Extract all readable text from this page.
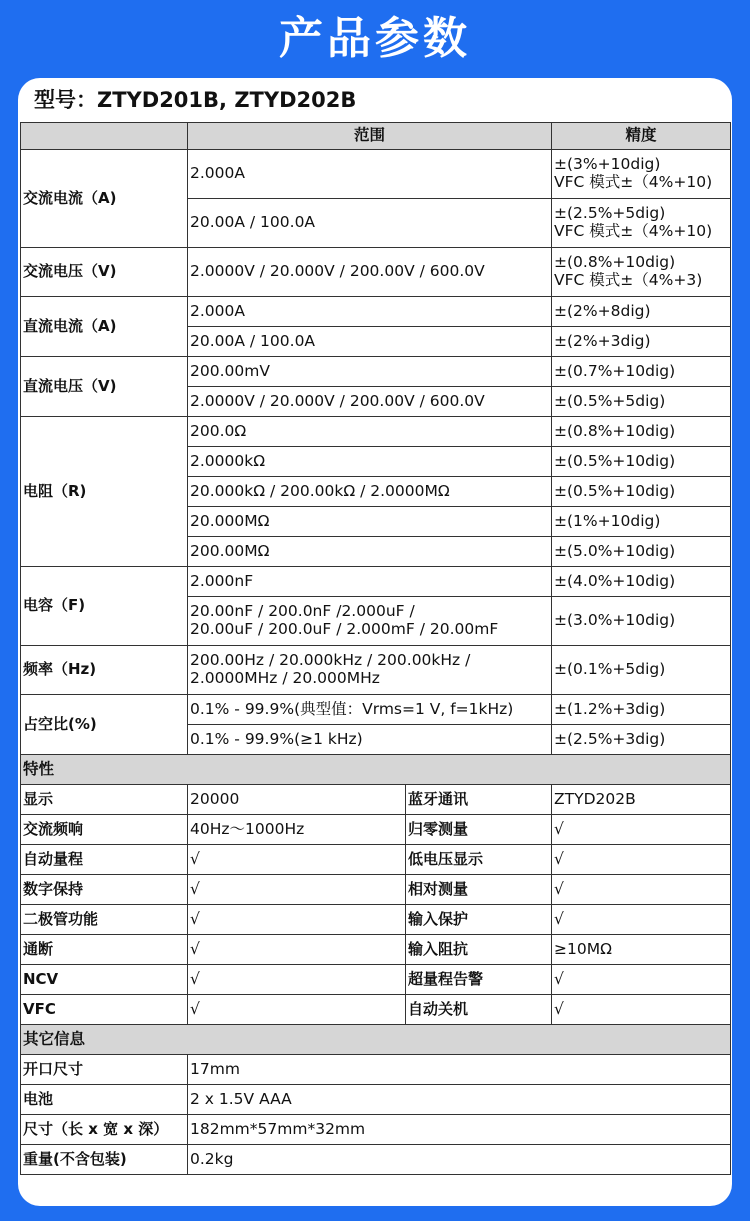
产品参数
型号：ZTYD201B, ZTYD202B
	范围		精度
交流电流（A)	2.000A		±(3%+10dig)
VFC 模式±（4%+10)

	20.00A / 100.0A		±(2.5%+5dig)
VFC 模式±（4%+10)

交流电压（V)	2.0000V / 20.000V / 200.00V / 600.0V		±(0.8%+10dig)
VFC 模式±（4%+3)

直流电流（A)	2.000A		±(2%+8dig)
	20.00A / 100.0A		±(2%+3dig)
直流电压（V)	200.00mV		±(0.7%+10dig)
	2.0000V / 20.000V / 200.00V / 600.0V		±(0.5%+5dig)
电阻（R)	200.0Ω		±(0.8%+10dig)
	2.0000kΩ		±(0.5%+10dig)
	20.000kΩ / 200.00kΩ / 2.0000MΩ		±(0.5%+10dig)
	20.000MΩ		±(1%+10dig)
	200.00MΩ		±(5.0%+10dig)
电容（F)	2.000nF		±(4.0%+10dig)

	20.00nF / 200.0nF /2.000uF /
20.00uF / 200.0uF / 2.000mF / 20.00mF		±(3.0%+10dig)
频率（Hz)	200.00Hz / 20.000kHz / 200.00kHz /
2.0000MHz / 20.000MHz		±(0.1%+5dig)
占空比(%)	0.1% - 99.9%(典型值：Vrms=1 V, f=1kHz)		±(1.2%+3dig)
	0.1% - 99.9%(≥1 kHz)		±(2.5%+3dig)
特性			
显示	20000	蓝牙通讯	ZTYD202B
交流频响	40Hz～1000Hz	归零测量	√
自动量程	√	低电压显示	√
数字保持	√	相对测量	√
二极管功能	√	输入保护	√
通断	√	输入阻抗	≥10MΩ
NCV	√	超量程告警	√
VFC	√	自动关机	√
其它信息			
开口尺寸	17mm		
电池	2 x 1.5V AAA		
尺寸（长 x 宽 x 深）	182mm*57mm*32mm		
重量(不含包装)	0.2kg		
